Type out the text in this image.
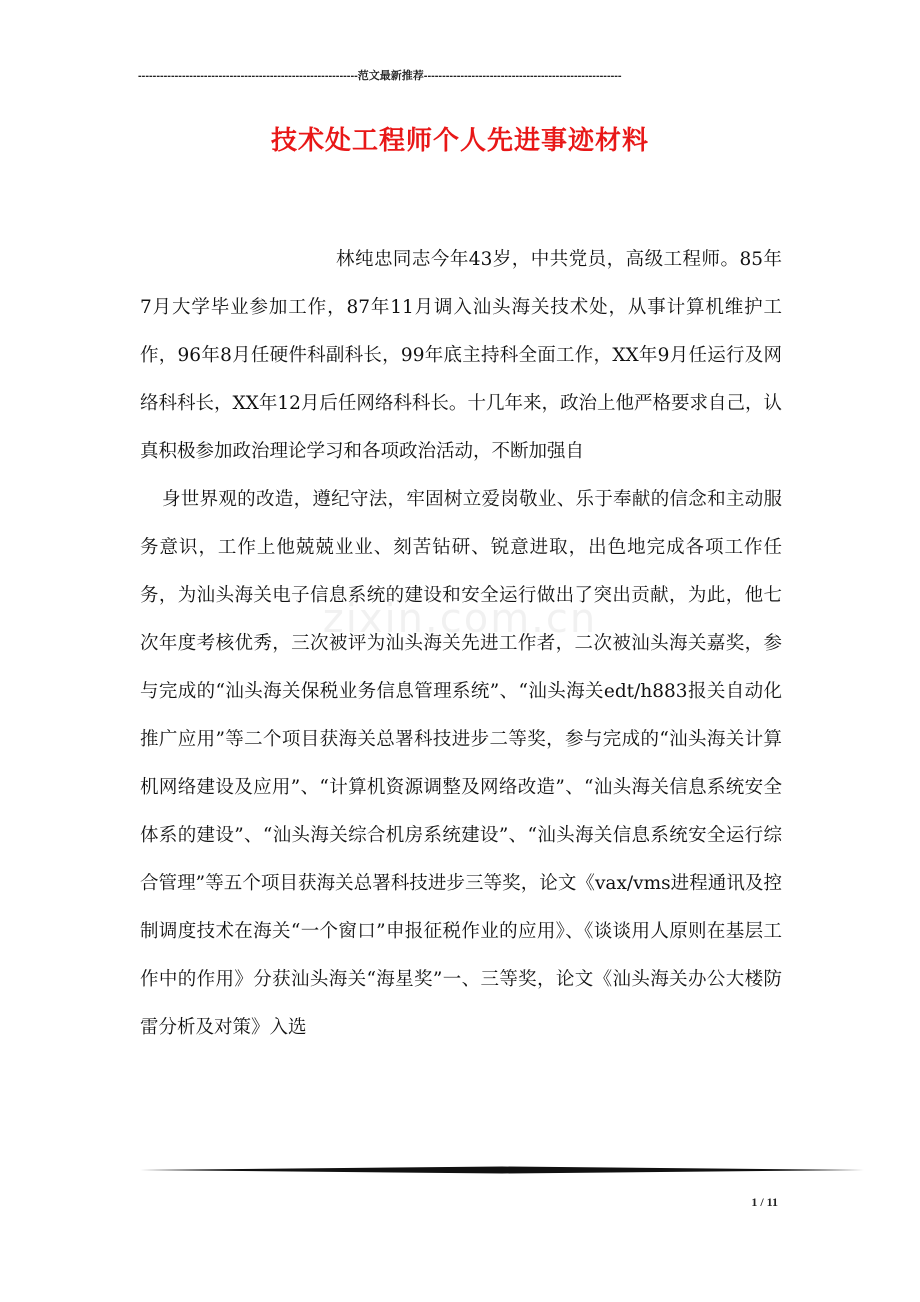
------------------------------------------------------------范文最新推荐------------------------------------------------------
技术处工程师个人先进事迹材料
zixin.com.cn

林纯忠同志今年43岁，中共党员，高级工程师。85年7月大学毕业参加工作，87年11月调入汕头海关技术处，从事计算机维护工作，96年8月任硬件科副科长，99年底主持科全面工作，XX年9月任运行及网络科科长，XX年12月后任网络科科长。十几年来，政治上他严格要求自己，认真积极参加政治理论学习和各项政治活动，不断加强自

身世界观的改造，遵纪守法，牢固树立爱岗敬业、乐于奉献的信念和主动服务意识，工作上他兢兢业业、刻苦钻研、锐意进取，出色地完成各项工作任务，为汕头海关电子信息系统的建设和安全运行做出了突出贡献，为此，他七次年度考核优秀，三次被评为汕头海关先进工作者，二次被汕头海关嘉奖，参与完成的“汕头海关保税业务信息管理系统”、“汕头海关edt/h883报关自动化推广应用”等二个项目获海关总署科技进步二等奖，参与完成的“汕头海关计算机网络建设及应用”、“计算机资源调整及网络改造”、“汕头海关信息系统安全体系的建设”、“汕头海关综合机房系统建设”、“汕头海关信息系统安全运行综合管理”等五个项目获海关总署科技进步三等奖，论文《vax/vms进程通讯及控制调度技术在海关“一个窗口”申报征税作业的应用》、《谈谈用人原则在基层工作中的作用》分获汕头海关“海星奖”一、三等奖，论文《汕头海关办公大楼防雷分析及对策》入选

1 / 11
